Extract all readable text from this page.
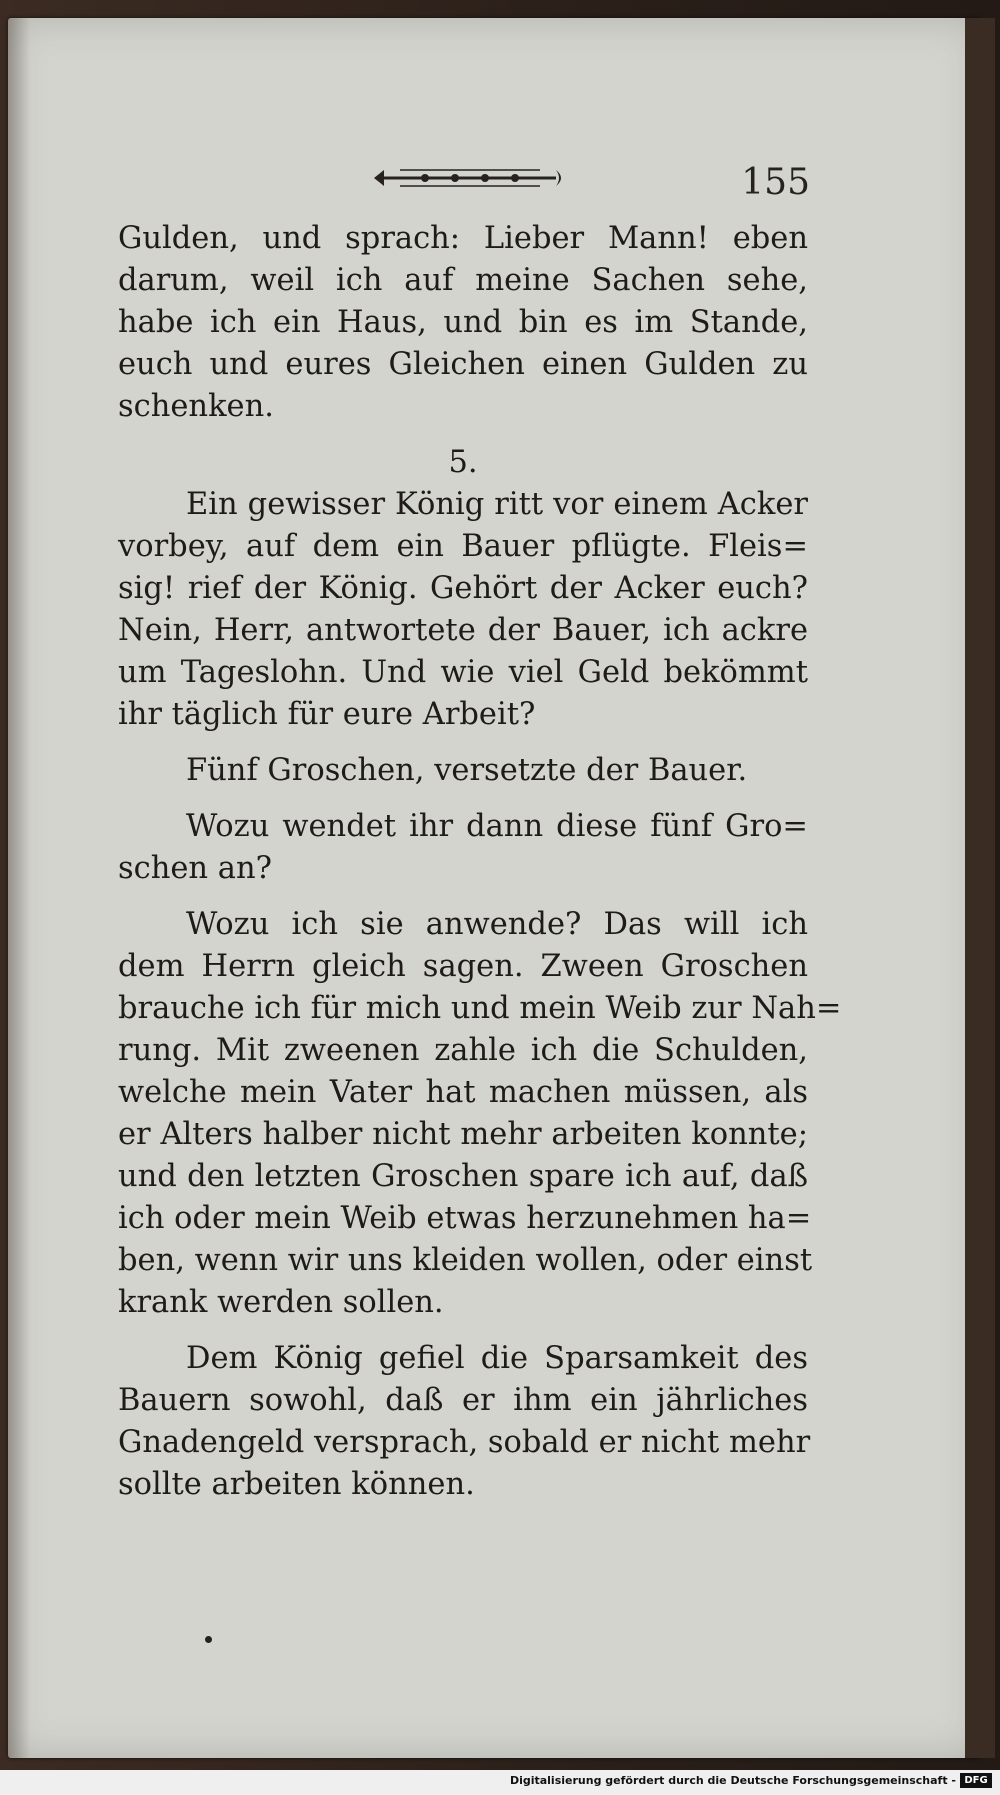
155
Gulden, und sprach: Lieber Mann! eben
darum, weil ich auf meine Sachen sehe,
habe ich ein Haus, und bin es im Stande,
euch und eures Gleichen einen Gulden zu
schenken.
5.
Ein gewisser König ritt vor einem Acker
vorbey, auf dem ein Bauer pflügte. Fleis=
sig! rief der König. Gehört der Acker euch?
Nein, Herr, antwortete der Bauer, ich ackre
um Tageslohn. Und wie viel Geld bekömmt
ihr täglich für eure Arbeit?
Fünf Groschen, versetzte der Bauer.
Wozu wendet ihr dann diese fünf Gro=
schen an?
Wozu ich sie anwende? Das will ich
dem Herrn gleich sagen. Zween Groschen
brauche ich für mich und mein Weib zur Nah=
rung. Mit zweenen zahle ich die Schulden,
welche mein Vater hat machen müssen, als
er Alters halber nicht mehr arbeiten konnte;
und den letzten Groschen spare ich auf, daß
ich oder mein Weib etwas herzunehmen ha=
ben, wenn wir uns kleiden wollen, oder einst
krank werden sollen.
Dem König gefiel die Sparsamkeit des
Bauern sowohl, daß er ihm ein jährliches
Gnadengeld versprach, sobald er nicht mehr
sollte arbeiten können.
Digitalisierung gefördert durch die Deutsche Forschungsgemeinschaft - DFG
